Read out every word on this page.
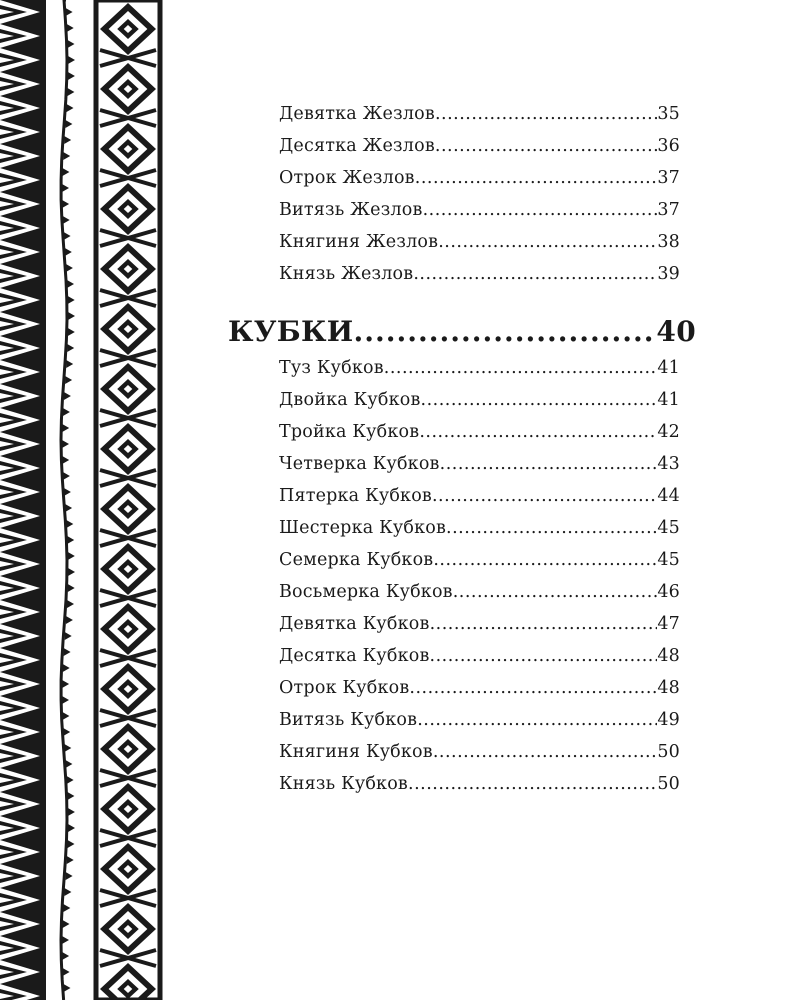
Девятка Жезлов .....	35
Десятка Жезлов .....	36
Отрок Жезлов .....	37
Витязь Жезлов .....	37
Княгиня Жезлов .....	38
Князь Жезлов .....	39
КУБКИ .....	40
Туз Кубков .....	41
Двойка Кубков .....	41
Тройка Кубков .....	42
Четверка Кубков .....	43
Пятерка Кубков .....	44
Шестерка Кубков .....	45
Семерка Кубков .....	45
Восьмерка Кубков .....	46
Девятка Кубков .....	47
Десятка Кубков .....	48
Отрок Кубков .....	48
Витязь Кубков .....	49
Княгиня Кубков .....	50
Князь Кубков .....	50
